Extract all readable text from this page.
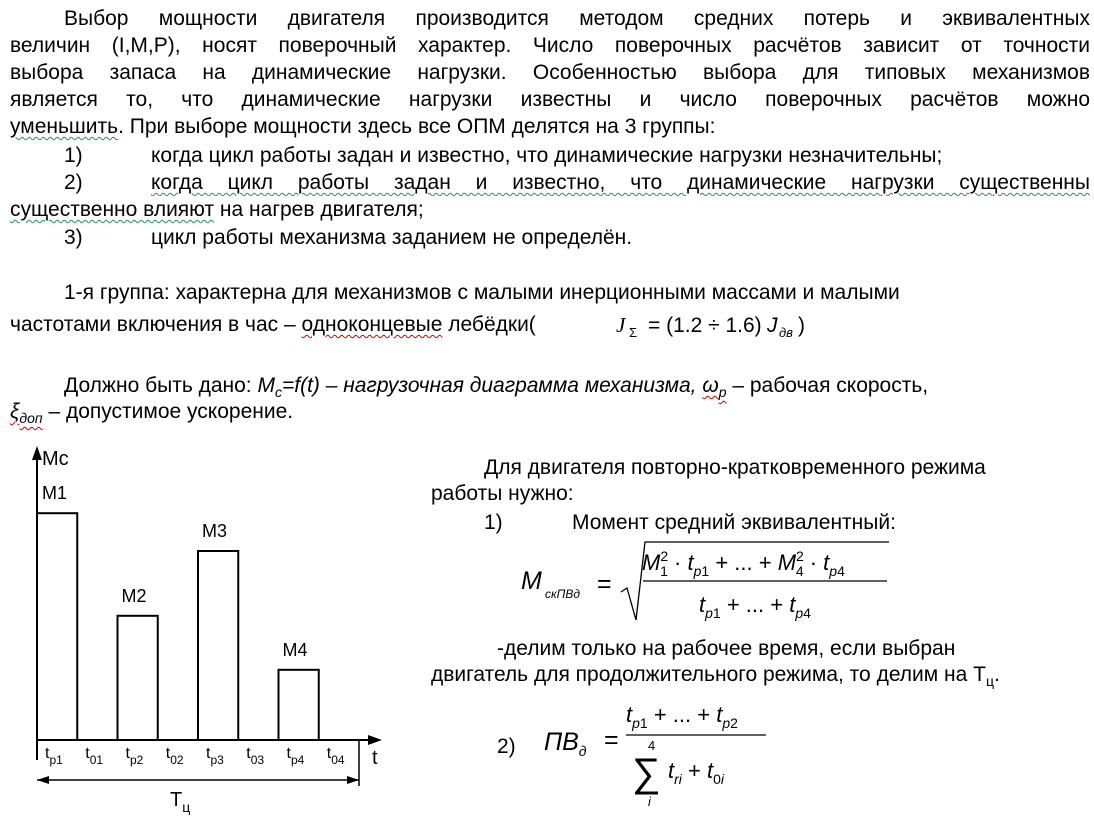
Выбор мощности двигателя производится методом средних потерь и эквивалентных
величин (I,M,P), носят поверочный характер. Число поверочных расчётов зависит от точности
выбора запаса на динамические нагрузки. Особенностью выбора для типовых механизмов
является то, что динамические нагрузки известны и число поверочных расчётов можно
уменьшить. При выборе мощности здесь все ОПМ делятся на 3 группы:
1)	когда цикл работы задан и известно, что динамические нагрузки незначительны;
2)	когда цикл работы задан и известно, что динамические нагрузки существенны
существенно влияют на нагрев двигателя;
3)	цикл работы механизма заданием не определён.
1-я группа: характерна для механизмов с малыми инерционными массами и малыми
частотами включения в час – одноконцевые лебёдки(	J Σ = (1.2 ÷ 1.6) J дв )
Должно быть дано: $M_c=f(t)$ – нагрузочная диаграмма механизма, $\omega_p$ – рабочая скорость,
$\xi_{доп}$ – допустимое ускорение.
Mc
t
M1
M2
M3
M4
$t_{р1}$ $t_{01}$ $t_{р2}$ $t_{02}$ $t_{р3}$ $t_{03}$ $t_{р4}$ $t_{04}$
$T_ц$
Для двигателя повторно-кратковременного режима
работы нужно:
1)	Момент средний эквивалентный:
M скПВд =
$M^2$ $1 \cdot t_p1$ + ... + $M^2$ $4 \cdot t_p4$
$t_p1$ + ... + $t_p4$
-делим только на рабочее время, если выбран
двигатель для продолжительного режима, то делим на $Т_ц$.
2) $ПВ_д$ =
$t_p1$ + ... + $t_p2$
4
∑
i
$t_{ri} + t_0i$
